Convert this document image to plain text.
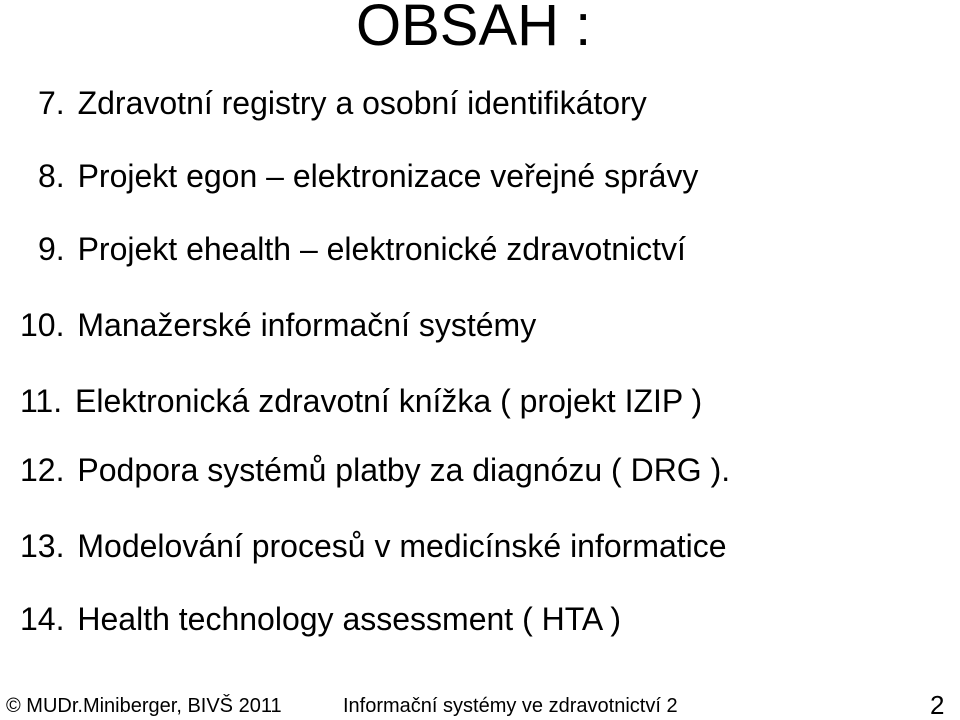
OBSAH :
7. Zdravotní registry a osobní identifikátory
8. Projekt egon – elektronizace veřejné správy
9. Projekt ehealth – elektronické zdravotnictví
10. Manažerské informační systémy
11. Elektronická zdravotní knížka ( projekt IZIP )
12. Podpora systémů platby za diagnózu ( DRG ).
13. Modelování procesů v medicínské informatice
14. Health technology assessment ( HTA )
© MUDr.Miniberger, BIVŠ 2011	Informační systémy ve zdravotnictví 2	2
